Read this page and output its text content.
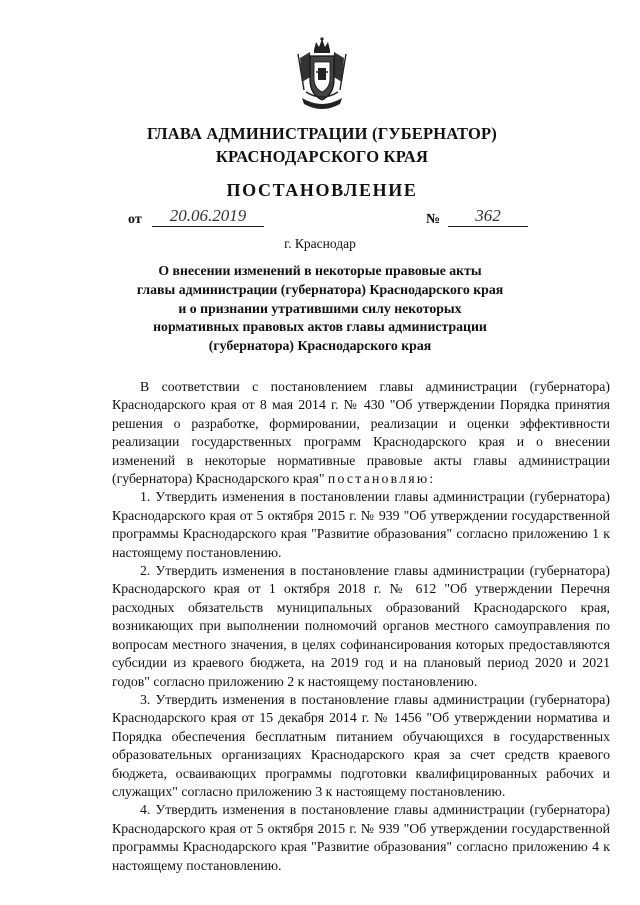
ГЛАВА АДМИНИСТРАЦИИ (ГУБЕРНАТОР)
КРАСНОДАРСКОГО КРАЯ
ПОСТАНОВЛЕНИЕ
от	20.06.2019	№	362
г. Краснодар
О внесении изменений в некоторые правовые акты
главы администрации (губернатора) Краснодарского края
и о признании утратившими силу некоторых
нормативных правовых актов главы администрации
(губернатора) Краснодарского края

В соответствии с постановлением главы администрации (губернатора) Краснодарского края от 8 мая 2014 г. № 430 "Об утверждении Порядка принятия решения о разработке, формировании, реализации и оценки эффективности реализации государственных программ Краснодарского края и о внесении изменений в некоторые нормативные правовые акты главы администрации (губернатора) Краснодарского края" постановляю:

1. Утвердить изменения в постановлении главы администрации (губернатора) Краснодарского края от 5 октября 2015 г. № 939 "Об утверждении государственной программы Краснодарского края "Развитие образования" согласно приложению 1 к настоящему постановлению.

2. Утвердить изменения в постановление главы администрации (губернатора) Краснодарского края от 1 октября 2018 г. № 612 "Об утверждении Перечня расходных обязательств муниципальных образований Краснодарского края, возникающих при выполнении полномочий органов местного самоуправления по вопросам местного значения, в целях софинансирования которых предоставляются субсидии из краевого бюджета, на 2019 год и на плановый период 2020 и 2021 годов" согласно приложению 2 к настоящему постановлению.

3. Утвердить изменения в постановление главы администрации (губернатора) Краснодарского края от 15 декабря 2014 г. № 1456 "Об утверждении норматива и Порядка обеспечения бесплатным питанием обучающихся в государственных образовательных организациях Краснодарского края за счет средств краевого бюджета, осваивающих программы подготовки квалифицированных рабочих и служащих" согласно приложению 3 к настоящему постановлению.

4. Утвердить изменения в постановление главы администрации (губернатора) Краснодарского края от 5 октября 2015 г. № 939 "Об утверждении государственной программы Краснодарского края "Развитие образования" согласно приложению 4 к настоящему постановлению.
